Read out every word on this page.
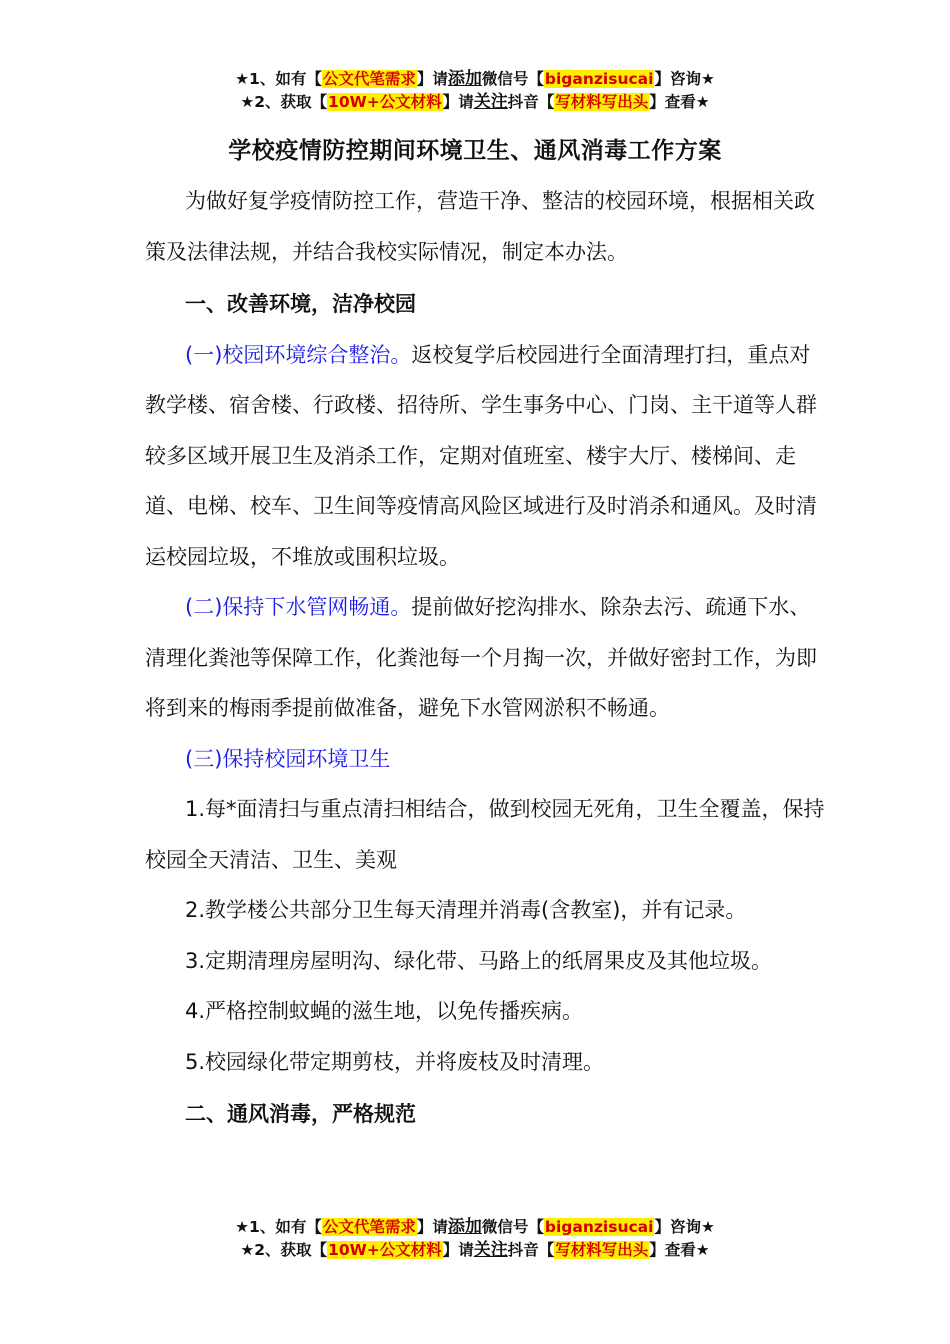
★1、如有【公文代笔需求】请添加微信号【biganzisucai】咨询★
★2、获取【10W+公文材料】请关注抖音【写材料写出头】查看★
学校疫情防控期间环境卫生、通风消毒工作方案

为做好复学疫情防控工作，营造干净、整洁的校园环境，根据相关政策及法律法规，并结合我校实际情况，制定本办法。

一、改善环境，洁净校园

(一)校园环境综合整治。返校复学后校园进行全面清理打扫，重点对教学楼、宿舍楼、行政楼、招待所、学生事务中心、门岗、主干道等人群较多区域开展卫生及消杀工作，定期对值班室、楼宇大厅、楼梯间、走道、电梯、校车、卫生间等疫情高风险区域进行及时消杀和通风。及时清运校园垃圾，不堆放或围积垃圾。

(二)保持下水管网畅通。提前做好挖沟排水、除杂去污、疏通下水、清理化粪池等保障工作，化粪池每一个月掏一次，并做好密封工作，为即将到来的梅雨季提前做准备，避免下水管网淤积不畅通。

(三)保持校园环境卫生

1.每*面清扫与重点清扫相结合，做到校园无死角，卫生全覆盖，保持校园全天清洁、卫生、美观

2.教学楼公共部分卫生每天清理并消毒(含教室)，并有记录。

3.定期清理房屋明沟、绿化带、马路上的纸屑果皮及其他垃圾。

4.严格控制蚊蝇的滋生地，以免传播疾病。

5.校园绿化带定期剪枝，并将废枝及时清理。

二、通风消毒，严格规范

★1、如有【公文代笔需求】请添加微信号【biganzisucai】咨询★
★2、获取【10W+公文材料】请关注抖音【写材料写出头】查看★
